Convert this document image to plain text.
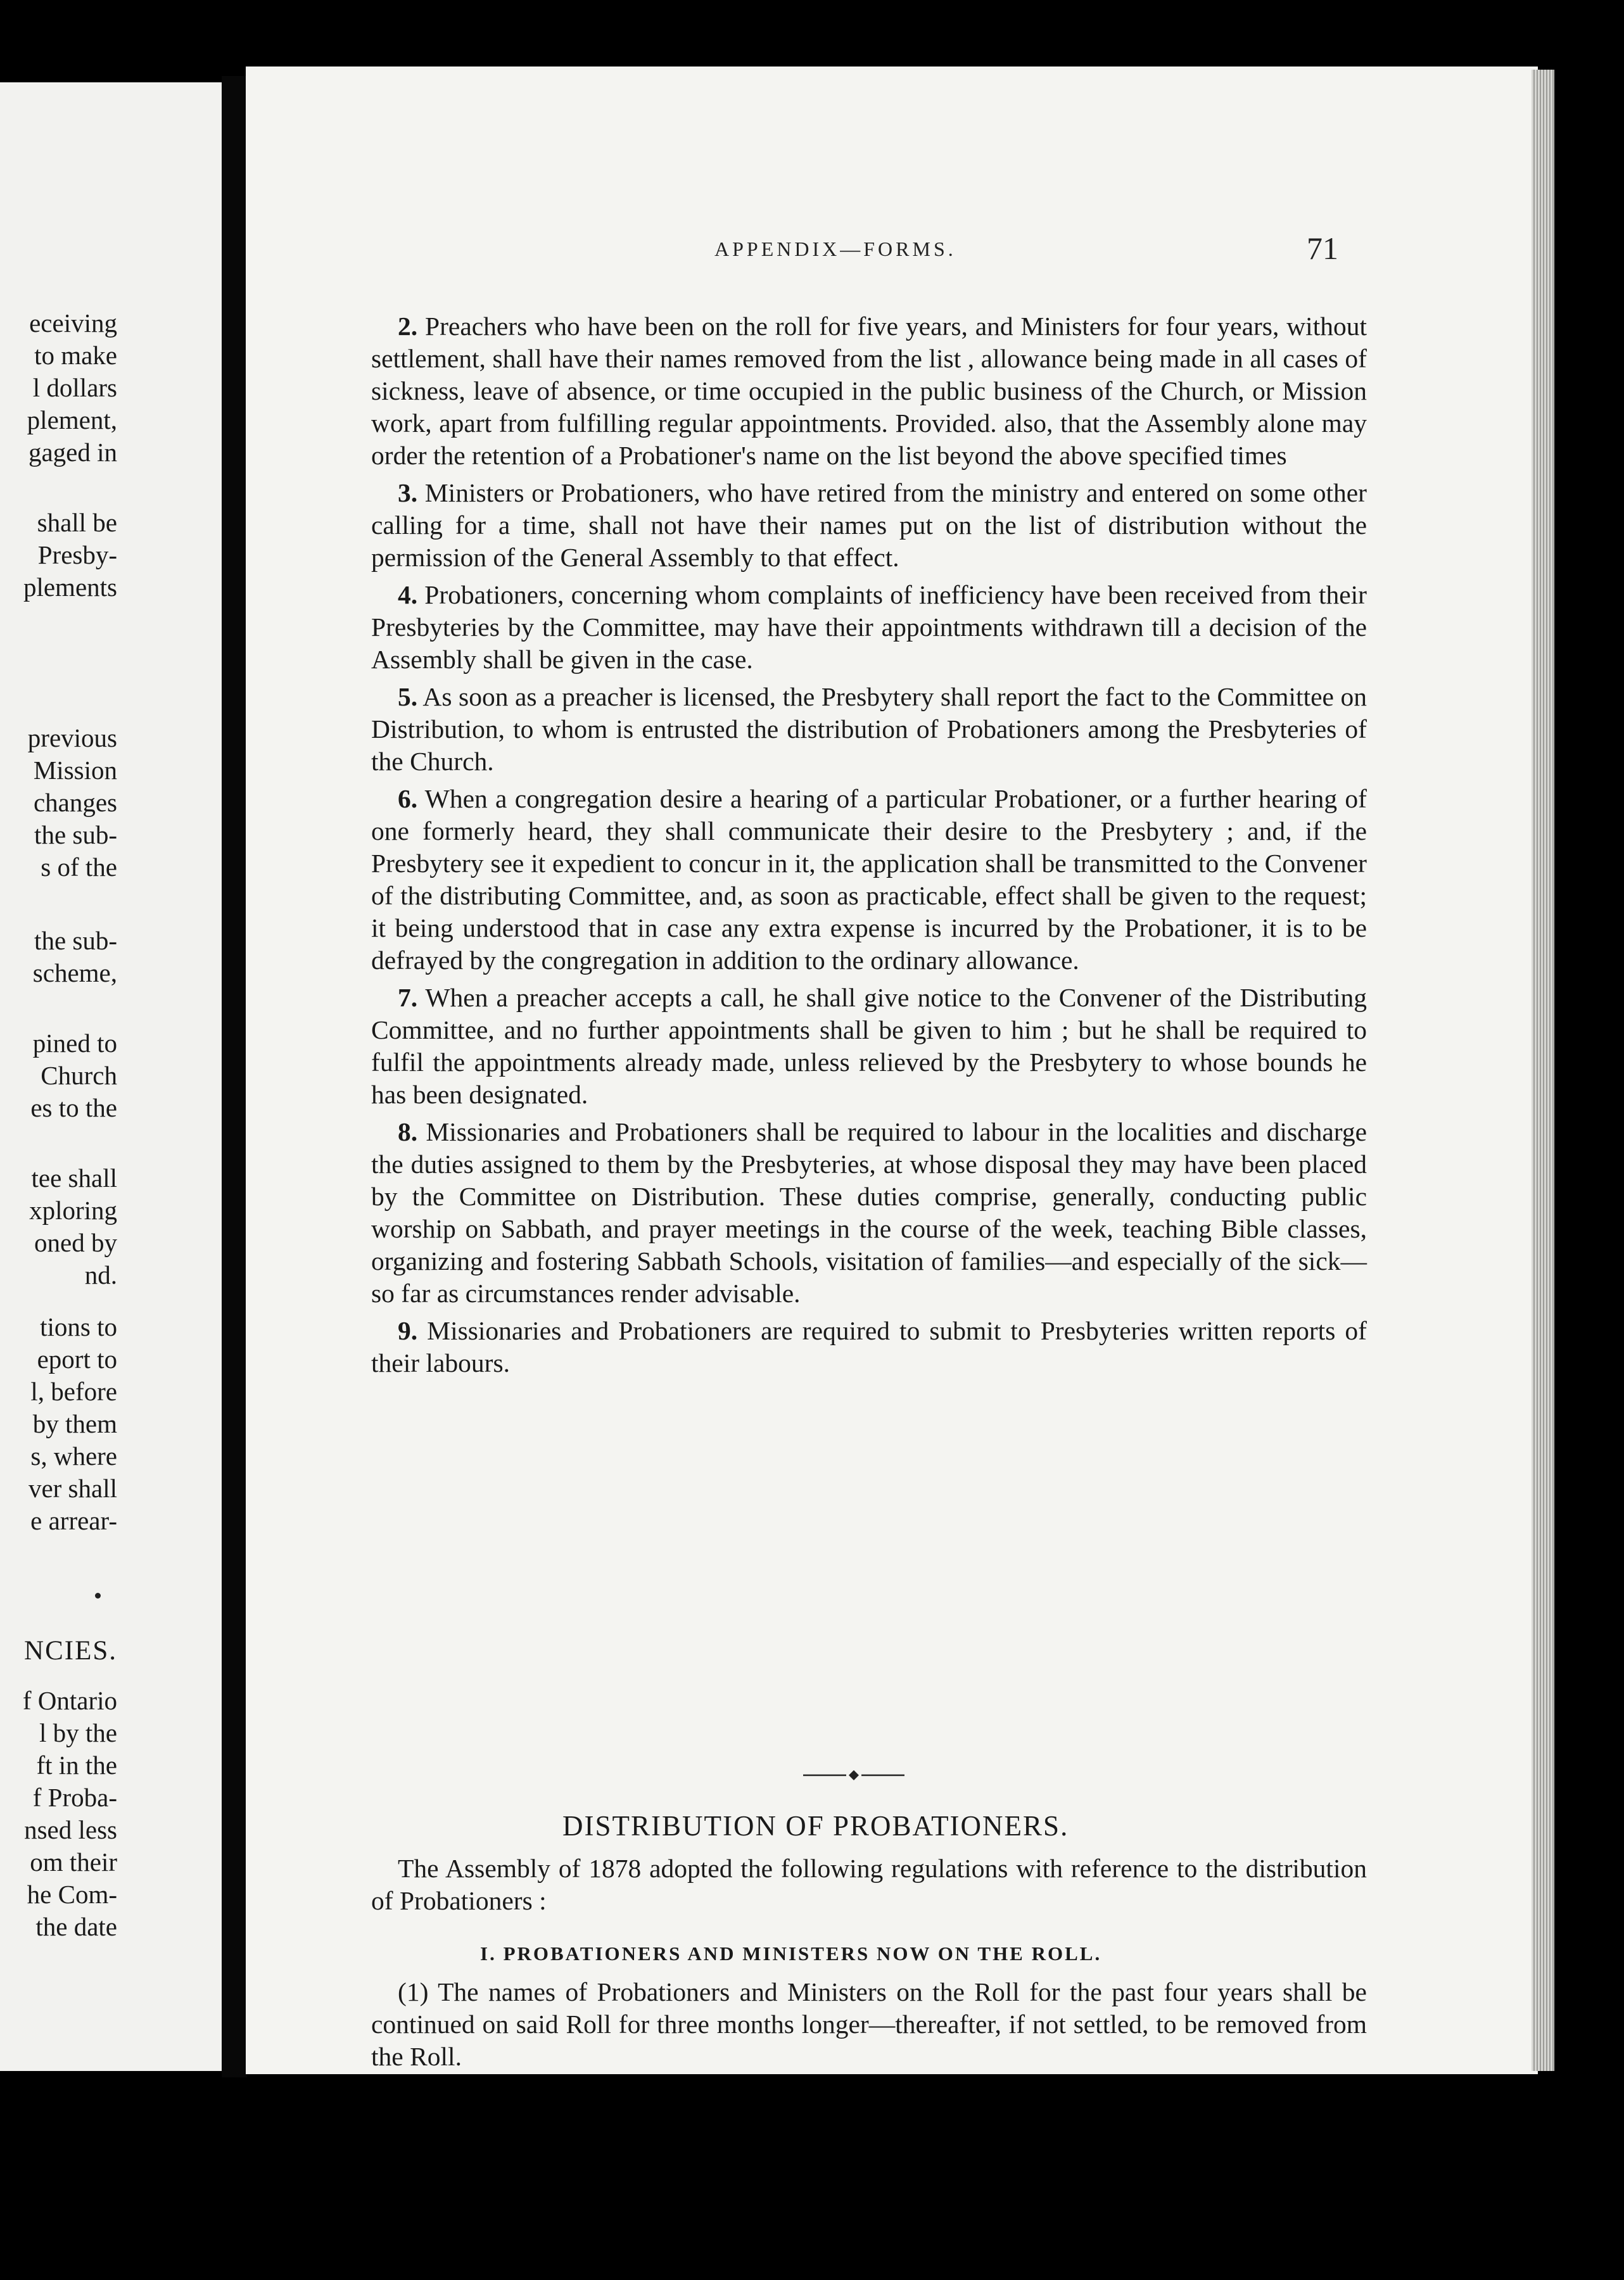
eceiving
to make
l dollars
plement,
gaged in
shall be
Presby-
plements
previous
Mission
changes
the sub-
s of the
the sub-
scheme,
pined to
Church
es to the
tee shall
xploring
oned by
nd.
tions to
eport to
l, before
by them
s, where
ver shall
e arrear-
NCIES.
f Ontario
l by the
ft in the
f Proba-
nsed less
om their
he Com-
the date
APPENDIX—FORMS.	71

2. Preachers who have been on the roll for five years, and Ministers for four years, without settlement, shall have their names removed from the list , allowance being made in all cases of sickness, leave of absence, or time occupied in the public business of the Church, or Mission work, apart from fulfilling regular appointments. Provided. also, that the Assembly alone may order the retention of a Probationer's name on the list beyond the above specified times

3. Ministers or Probationers, who have retired from the ministry and entered on some other calling for a time, shall not have their names put on the list of distribution without the permission of the General Assembly to that effect.

4. Probationers, concerning whom complaints of inefficiency have been received from their Presbyteries by the Committee, may have their appointments withdrawn till a decision of the Assembly shall be given in the case.

5. As soon as a preacher is licensed, the Presbytery shall report the fact to the Committee on Distribution, to whom is entrusted the distribution of Probationers among the Presbyteries of the Church.

6. When a congregation desire a hearing of a particular Probationer, or a further hearing of one formerly heard, they shall communicate their desire to the Presbytery ; and, if the Presbytery see it expedient to concur in it, the application shall be transmitted to the Convener of the distributing Committee, and, as soon as practicable, effect shall be given to the request; it being understood that in case any extra expense is incurred by the Probationer, it is to be defrayed by the congregation in addition to the ordinary allowance.

7. When a preacher accepts a call, he shall give notice to the Convener of the Distributing Committee, and no further appointments shall be given to him ; but he shall be required to fulfil the appointments already made, unless relieved by the Presbytery to whose bounds he has been designated.

8. Missionaries and Probationers shall be required to labour in the localities and discharge the duties assigned to them by the Presbyteries, at whose disposal they may have been placed by the Committee on Distribution. These duties comprise, generally, conducting public worship on Sabbath, and prayer meetings in the course of the week, teaching Bible classes, organizing and fostering Sabbath Schools, visitation of families—and especially of the sick—so far as circumstances render advisable.

9. Missionaries and Probationers are required to submit to Presbyteries written reports of their labours.

DISTRIBUTION OF PROBATIONERS.

The Assembly of 1878 adopted the following regulations with reference to the distribution of Probationers :

I. PROBATIONERS AND MINISTERS NOW ON THE ROLL.

(1) The names of Probationers and Ministers on the Roll for the past four years shall be continued on said Roll for three months longer—thereafter, if not settled, to be removed from the Roll.
